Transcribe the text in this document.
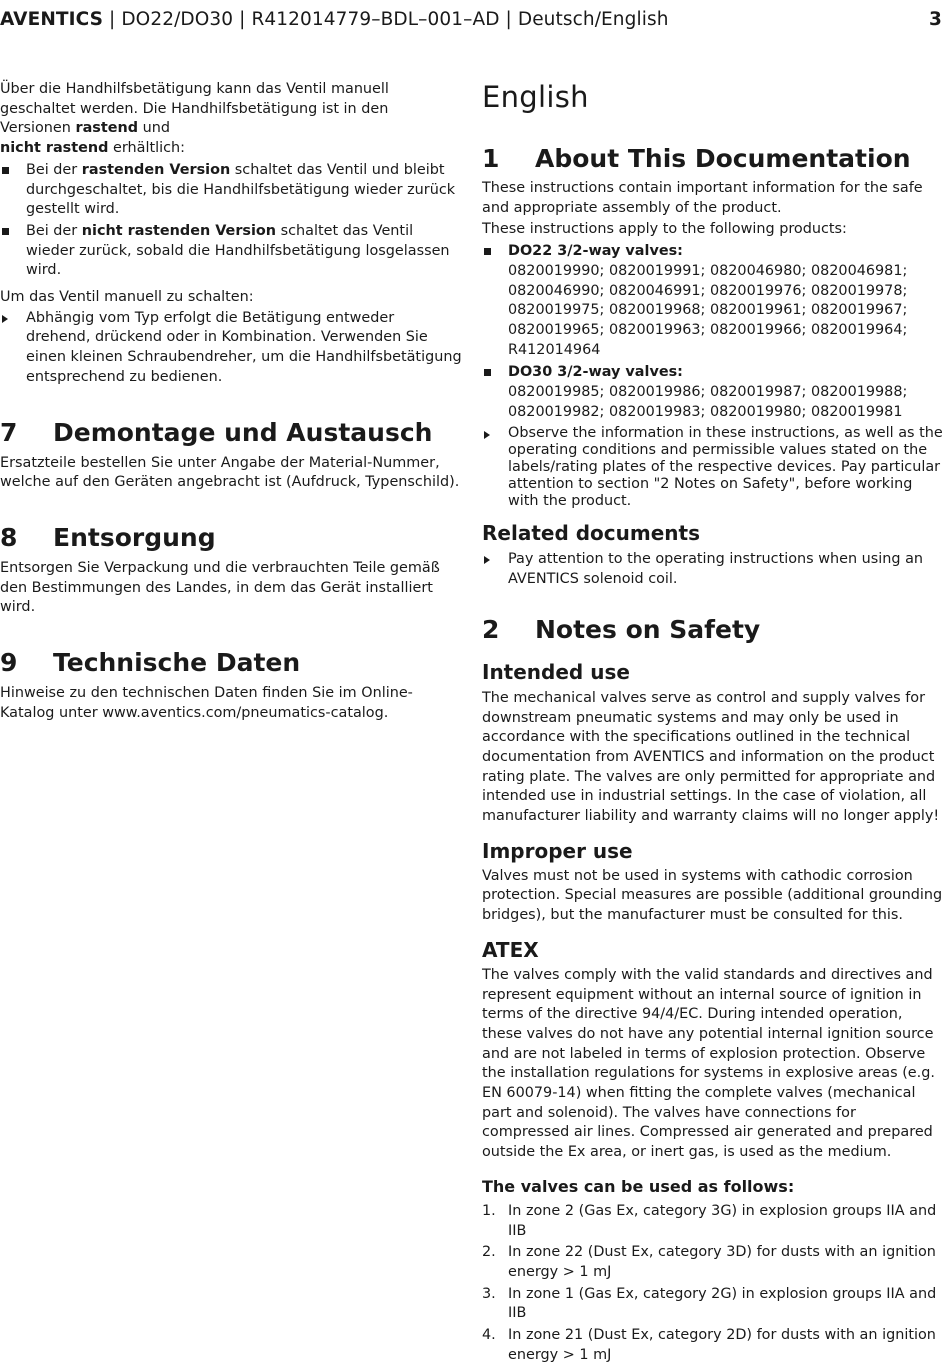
AVENTICS | DO22/DO30 | R412014779–BDL–001–AD | Deutsch/English	3

Über die Handhilfsbetätigung kann das Ventil manuell geschaltet werden. Die Handhilfsbetätigung ist in den Versionen rastend und
nicht rastend erhältlich:

Bei der rastenden Version schaltet das Ventil und bleibt durchgeschaltet, bis die Handhilfsbetätigung wieder zurück gestellt wird.
Bei der nicht rastenden Version schaltet das Ventil wieder zurück, sobald die Handhilfsbetätigung losgelassen wird.

Um das Ventil manuell zu schalten:

Abhängig vom Typ erfolgt die Betätigung entweder drehend, drückend oder in Kombination. Verwenden Sie einen kleinen Schraubendreher, um die Handhilfsbetätigung entsprechend zu bedienen.
7 Demontage und Austausch

Ersatzteile bestellen Sie unter Angabe der Material-Nummer, welche auf den Geräten angebracht ist (Aufdruck, Typenschild).

8 Entsorgung

Entsorgen Sie Verpackung und die verbrauchten Teile gemäß den Bestimmungen des Landes, in dem das Gerät installiert wird.

9 Technische Daten

Hinweise zu den technischen Daten finden Sie im Online-Katalog unter www.aventics.com/pneumatics-catalog.

English
1 About This Documentation

These instructions contain important information for the safe and appropriate assembly of the product.

These instructions apply to the following products:

DO22 3/2-way valves:
0820019990; 0820019991; 0820046980; 0820046981;
0820046990; 0820046991; 0820019976; 0820019978;
0820019975; 0820019968; 0820019961; 0820019967;
0820019965; 0820019963; 0820019966; 0820019964;
R412014964
DO30 3/2-way valves:
0820019985; 0820019986; 0820019987; 0820019988;
0820019982; 0820019983; 0820019980; 0820019981
Observe the information in these instructions, as well as the operating conditions and permissible values stated on the labels/rating plates of the respective devices. Pay particular attention to section "2 Notes on Safety", before working with the product.
Related documents
Pay attention to the operating instructions when using an AVENTICS solenoid coil.
2 Notes on Safety
Intended use

The mechanical valves serve as control and supply valves for downstream pneumatic systems and may only be used in accordance with the specifications outlined in the technical documentation from AVENTICS and information on the product rating plate. The valves are only permitted for appropriate and intended use in industrial settings. In the case of violation, all manufacturer liability and warranty claims will no longer apply!

Improper use

Valves must not be used in systems with cathodic corrosion protection. Special measures are possible (additional grounding bridges), but the manufacturer must be consulted for this.

ATEX

The valves comply with the valid standards and directives and represent equipment without an internal source of ignition in terms of the directive 94/4/EC. During intended operation, these valves do not have any potential internal ignition source and are not labeled in terms of explosion protection. Observe the installation regulations for systems in explosive areas (e.g. EN 60079-14) when fitting the complete valves (mechanical part and solenoid). The valves have connections for compressed air lines. Compressed air generated and prepared outside the Ex area, or inert gas, is used as the medium.

The valves can be used as follows:
1. In zone 2 (Gas Ex, category 3G) in explosion groups IIA and IIB
2. In zone 22 (Dust Ex, category 3D) for dusts with an ignition energy > 1 mJ
3. In zone 1 (Gas Ex, category 2G) in explosion groups IIA and IIB
4. In zone 21 (Dust Ex, category 2D) for dusts with an ignition energy > 1 mJ
